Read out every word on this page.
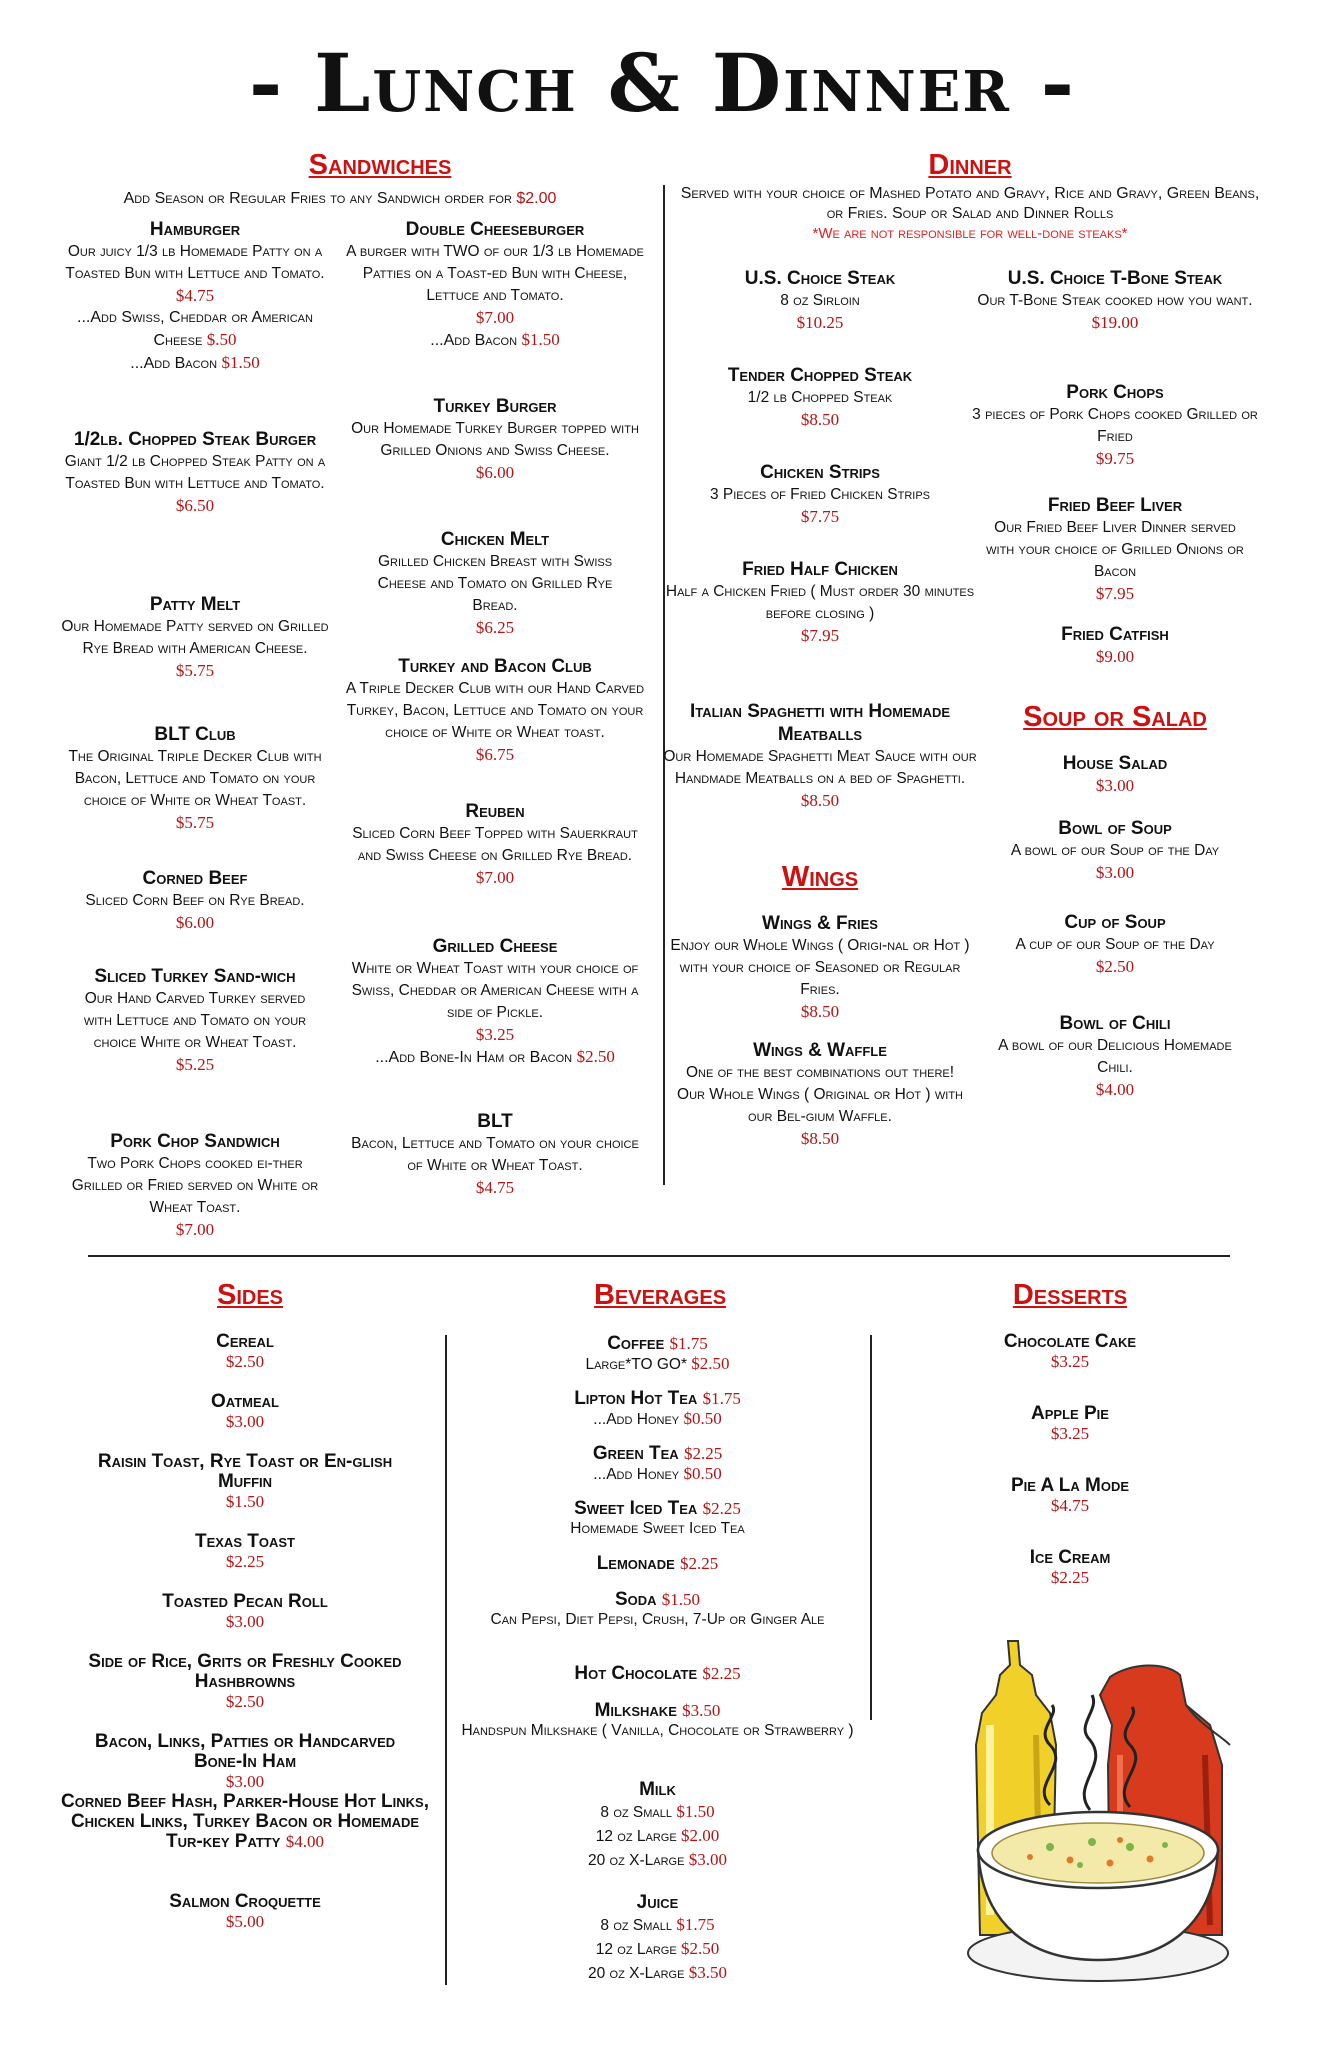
- Lunch & Dinner -
Sandwiches
Add Season or Regular Fries to any Sandwich order for $2.00
Hamburger
Our juicy 1/3 lb Homemade Patty on a Toasted Bun with Lettuce and Tomato.
$4.75
...Add Swiss, Cheddar or American Cheese $.50
...Add Bacon $1.50
1/2lb. Chopped Steak Burger
Giant 1/2 lb Chopped Steak Patty on a Toasted Bun with Lettuce and Tomato.
$6.50
Patty Melt
Our Homemade Patty served on Grilled Rye Bread with American Cheese.
$5.75
BLT Club
The Original Triple Decker Club with Bacon, Lettuce and Tomato on your choice of White or Wheat Toast.
$5.75
Corned Beef
Sliced Corn Beef on Rye Bread.
$6.00
Sliced Turkey Sand-wich
Our Hand Carved Turkey served with Lettuce and Tomato on your choice White or Wheat Toast.
$5.25
Pork Chop Sandwich
Two Pork Chops cooked ei-ther Grilled or Fried served on White or Wheat Toast.
$7.00
Double Cheeseburger
A burger with TWO of our 1/3 lb Homemade Patties on a Toast-ed Bun with Cheese, Lettuce and Tomato.
$7.00
...Add Bacon $1.50
Turkey Burger
Our Homemade Turkey Burger topped with Grilled Onions and Swiss Cheese.
$6.00
Chicken Melt
Grilled Chicken Breast with Swiss Cheese and Tomato on Grilled Rye Bread.
$6.25
Turkey and Bacon Club
A Triple Decker Club with our Hand Carved Turkey, Bacon, Lettuce and Tomato on your choice of White or Wheat toast.
$6.75
Reuben
Sliced Corn Beef Topped with Sauerkraut and Swiss Cheese on Grilled Rye Bread.
$7.00
Grilled Cheese
White or Wheat Toast with your choice of Swiss, Cheddar or American Cheese with a side of Pickle.
$3.25
...Add Bone-In Ham or Bacon $2.50
BLT
Bacon, Lettuce and Tomato on your choice of White or Wheat Toast.
$4.75
Dinner
Served with your choice of Mashed Potato and Gravy, Rice and Gravy, Green Beans, or Fries. Soup or Salad and Dinner Rolls
*We are not responsible for well-done steaks*
U.S. Choice Steak
8 oz Sirloin
$10.25
Tender Chopped Steak
1/2 lb Chopped Steak
$8.50
Chicken Strips
3 Pieces of Fried Chicken Strips
$7.75
Fried Half Chicken
Half a Chicken Fried ( Must order 30 minutes before closing )
$7.95
Italian Spaghetti with Homemade Meatballs
Our Homemade Spaghetti Meat Sauce with our Handmade Meatballs on a bed of Spaghetti.
$8.50
U.S. Choice T-Bone Steak
Our T-Bone Steak cooked how you want.
$19.00
Pork Chops
3 pieces of Pork Chops cooked Grilled or Fried
$9.75
Fried Beef Liver
Our Fried Beef Liver Dinner served with your choice of Grilled Onions or Bacon
$7.95
Fried Catfish
$9.00
Wings
Wings & Fries
Enjoy our Whole Wings ( Origi-nal or Hot ) with your choice of Seasoned or Regular Fries.
$8.50
Wings & Waffle
One of the best combinations out there! Our Whole Wings ( Original or Hot ) with our Bel-gium Waffle.
$8.50
Soup or Salad
House Salad
$3.00
Bowl of Soup
A bowl of our Soup of the Day
$3.00
Cup of Soup
A cup of our Soup of the Day
$2.50
Bowl of Chili
A bowl of our Delicious Homemade Chili.
$4.00
Sides
Cereal
$2.50
Oatmeal
$3.00
Raisin Toast, Rye Toast or En-glish Muffin
$1.50
Texas Toast
$2.25
Toasted Pecan Roll
$3.00
Side of Rice, Grits or Freshly Cooked Hashbrowns
$2.50
Bacon, Links, Patties or Handcarved Bone-In Ham
$3.00
Corned Beef Hash, Parker-House Hot Links, Chicken Links, Turkey Bacon or Homemade Tur-key Patty $4.00
Salmon Croquette
$5.00
Beverages
Coffee $1.75
Large*TO GO* $2.50
Lipton Hot Tea $1.75
...Add Honey $0.50
Green Tea $2.25
...Add Honey $0.50
Sweet Iced Tea $2.25
Homemade Sweet Iced Tea
Lemonade $2.25
Soda $1.50
Can Pepsi, Diet Pepsi, Crush, 7-Up or Ginger Ale
Hot Chocolate $2.25
Milkshake $3.50
Handspun Milkshake ( Vanilla, Chocolate or Strawberry )
Milk
8 oz Small $1.50
12 oz Large $2.00
20 oz X-Large $3.00
Juice
8 oz Small $1.75
12 oz Large $2.50
20 oz X-Large $3.50
Desserts
Chocolate Cake
$3.25
Apple Pie
$3.25
Pie A La Mode
$4.75
Ice Cream
$2.25
